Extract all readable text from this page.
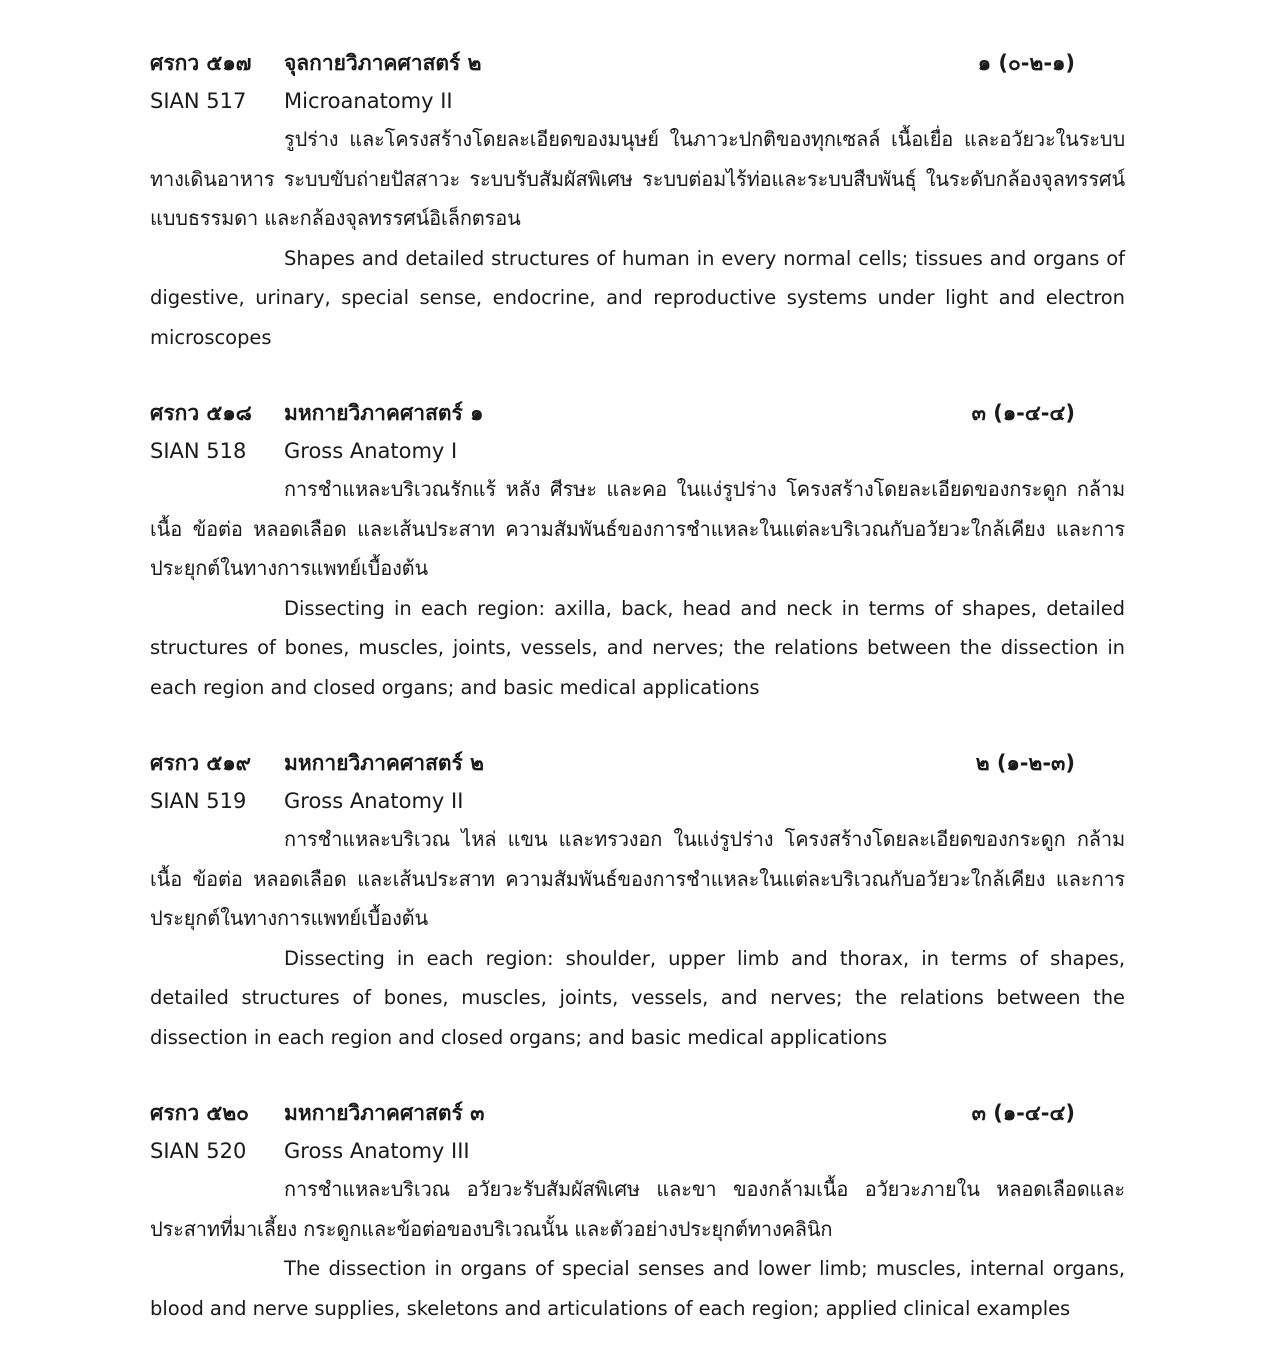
ศรกว ๕๑๗ จุลกายวิภาคศาสตร์ ๒	๑ (๐-๒-๑)
SIAN 517 Microanatomy II

รูปร่าง และโครงสร้างโดยละเอียดของมนุษย์ ในภาวะปกติของทุกเซลล์ เนื้อเยื่อ และอวัยวะในระบบทางเดินอาหาร ระบบขับถ่ายปัสสาวะ ระบบรับสัมผัสพิเศษ ระบบต่อมไร้ท่อและระบบสืบพันธุ์ ในระดับกล้องจุลทรรศน์แบบธรรมดา และกล้องจุลทรรศน์อิเล็กตรอน

Shapes and detailed structures of human in every normal cells; tissues and organs of digestive, urinary, special sense, endocrine, and reproductive systems under light and electron microscopes

ศรกว ๕๑๘ มหกายวิภาคศาสตร์ ๑	๓ (๑-๔-๔)
SIAN 518 Gross Anatomy I

การชำแหละบริเวณรักแร้ หลัง ศีรษะ และคอ ในแง่รูปร่าง โครงสร้างโดยละเอียดของกระดูก กล้ามเนื้อ ข้อต่อ หลอดเลือด และเส้นประสาท ความสัมพันธ์ของการชำแหละในแต่ละบริเวณกับอวัยวะใกล้เคียง และการประยุกต์ในทางการแพทย์เบื้องต้น

Dissecting in each region: axilla, back, head and neck in terms of shapes, detailed structures of bones, muscles, joints, vessels, and nerves; the relations between the dissection in each region and closed organs; and basic medical applications

ศรกว ๕๑๙ มหกายวิภาคศาสตร์ ๒	๒ (๑-๒-๓)
SIAN 519 Gross Anatomy II

การชำแหละบริเวณ ไหล่ แขน และทรวงอก ในแง่รูปร่าง โครงสร้างโดยละเอียดของกระดูก กล้ามเนื้อ ข้อต่อ หลอดเลือด และเส้นประสาท ความสัมพันธ์ของการชำแหละในแต่ละบริเวณกับอวัยวะใกล้เคียง และการประยุกต์ในทางการแพทย์เบื้องต้น

Dissecting in each region: shoulder, upper limb and thorax, in terms of shapes, detailed structures of bones, muscles, joints, vessels, and nerves; the relations between the dissection in each region and closed organs; and basic medical applications

ศรกว ๕๒๐ มหกายวิภาคศาสตร์ ๓	๓ (๑-๔-๔)
SIAN 520 Gross Anatomy III

การชำแหละบริเวณ อวัยวะรับสัมผัสพิเศษ และขา ของกล้ามเนื้อ อวัยวะภายใน หลอดเลือดและประสาทที่มาเลี้ยง กระดูกและข้อต่อของบริเวณนั้น และตัวอย่างประยุกต์ทางคลินิก

The dissection in organs of special senses and lower limb; muscles, internal organs, blood and nerve supplies, skeletons and articulations of each region; applied clinical examples
